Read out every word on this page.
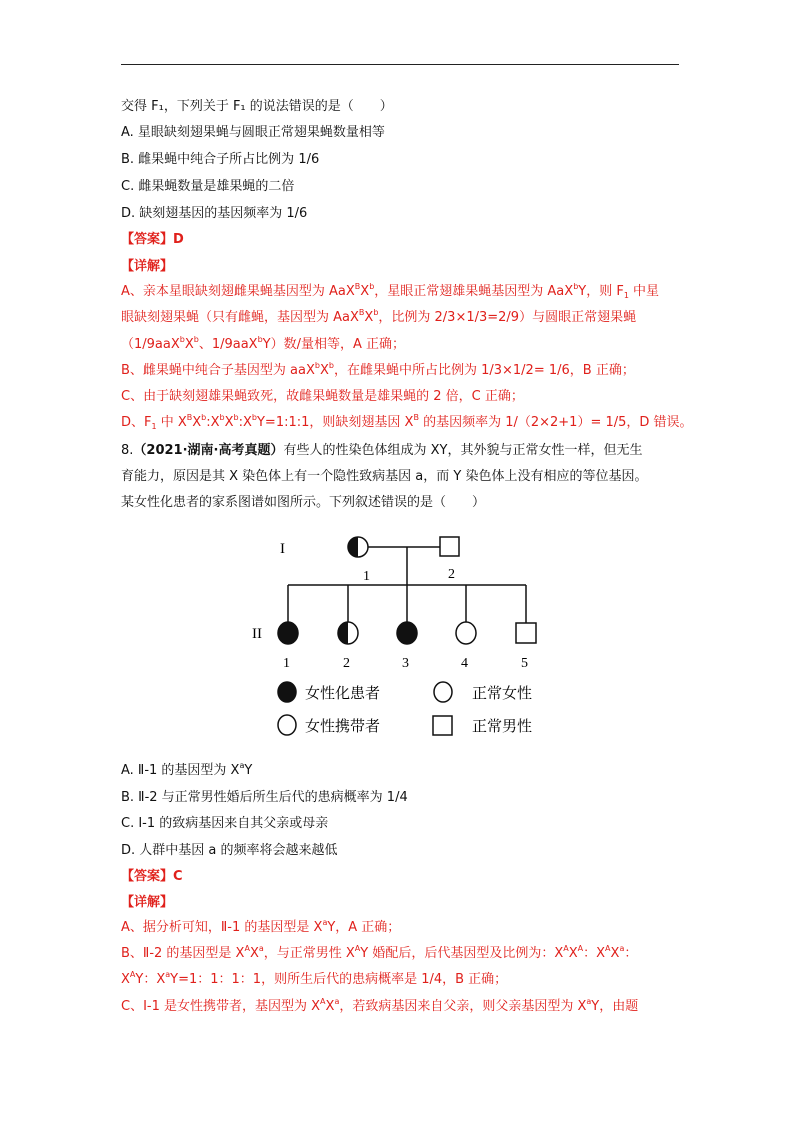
交得 F₁，下列关于 F₁ 的说法错误的是（　　）
A. 星眼缺刻翅果蝇与圆眼正常翅果蝇数量相等
B. 雌果蝇中纯合子所占比例为 1/6
C. 雌果蝇数量是雄果蝇的二倍
D. 缺刻翅基因的基因频率为 1/6
【答案】D
【详解】
A、亲本星眼缺刻翅雌果蝇基因型为 $AaX^BX^b$，星眼正常翅雄果蝇基因型为 AaX$^b$Y，则 $F_1$ 中星
眼缺刻翅果蝇（只有雌蝇，基因型为 $AaX^BX^b$，比例为 2/3×1/3=2/9）与圆眼正常翅果蝇
（$1/9aaX^bX^b$、1/9aaX$^b$Y）数/量相等，A 正确；
B、雌果蝇中纯合子基因型为 $aaX^bX^b$，在雌果蝇中所占比例为 1/3×1/2= 1/6，B 正确；
C、由于缺刻翅雄果蝇致死，故雌果蝇数量是雄果蝇的 2 倍，C 正确；
D、$F_1$ 中 $X^BX^b:X^bX^b:X^bY=1:1:1$，则缺刻翅基因 $X^B$ 的基因频率为 1/（2×2+1）= 1/5，D 错误。
8.（2021·湖南·高考真题）有些人的性染色体组成为 XY，其外貌与正常女性一样，但无生
育能力，原因是其 X 染色体上有一个隐性致病基因 a，而 Y 染色体上没有相应的等位基因。
某女性化患者的家系图谱如图所示。下列叙述错误的是（　　）
I
II
1	2
1	2	3	4	5
女性化患者	正常女性
女性携带者	正常男性
A. Ⅱ-1 的基因型为 $X^aY$
B. Ⅱ-2 与正常男性婚后所生后代的患病概率为 1/4
C. I-1 的致病基因来自其父亲或母亲
D. 人群中基因 a 的频率将会越来越低
【答案】C
【详解】
A、据分析可知，Ⅱ-1 的基因型是 $X^aY$，A 正确；
B、Ⅱ-2 的基因型是 $X^AX^a$，与正常男性 $X^AY$ 婚配后，后代基因型及比例为：$X^AX^A$：$X^AX^a$：
$X^AY$：$X^aY=1$：1：1：1，则所生后代的患病概率是 1/4，B 正确；
C、Ⅰ-1 是女性携带者，基因型为 $X^AX^a$，若致病基因来自父亲，则父亲基因型为 $X^aY$，由题
